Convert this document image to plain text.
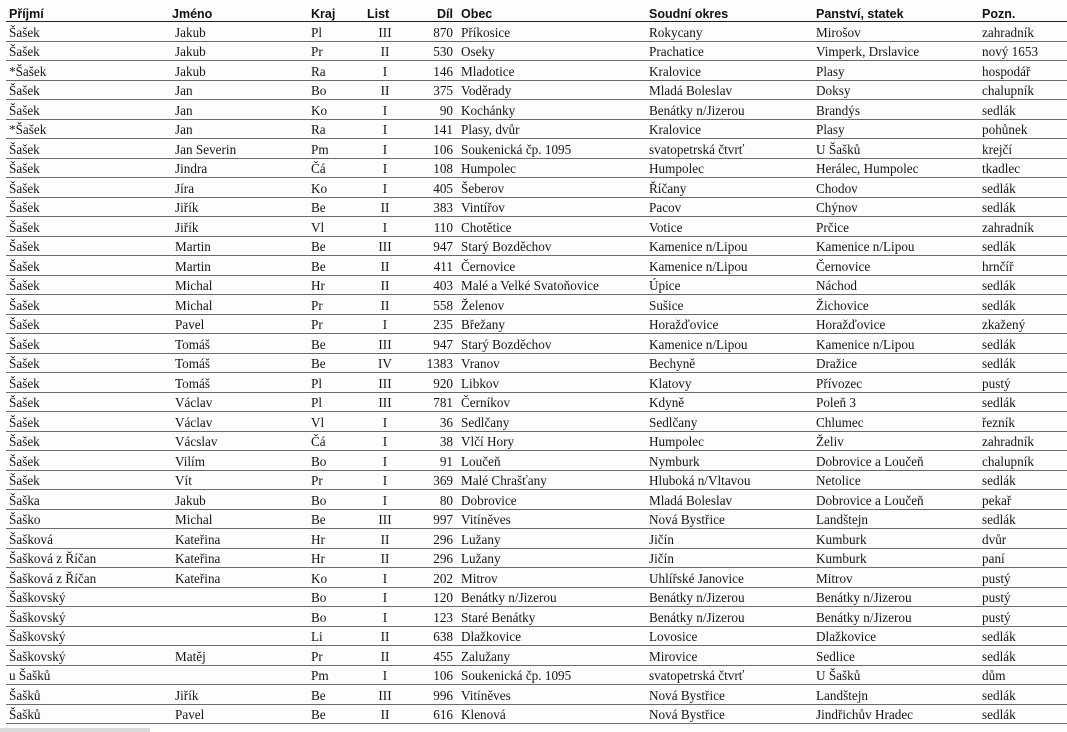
Příjmí	Jméno	Kraj	List	Díl	Obec	Soudní okres	Panství, statek	Pozn.
Šašek	Jakub	Pl	III	870	Příkosice	Rokycany	Mirošov	zahradník
Šašek	Jakub	Pr	II	530	Oseky	Prachatice	Vimperk, Drslavice	nový 1653
*Šašek	Jakub	Ra	I	146	Mladotice	Kralovice	Plasy	hospodář
Šašek	Jan	Bo	II	375	Voděrady	Mladá Boleslav	Doksy	chalupník
Šašek	Jan	Ko	I	90	Kochánky	Benátky n/Jizerou	Brandýs	sedlák
*Šašek	Jan	Ra	I	141	Plasy, dvůr	Kralovice	Plasy	pohůnek
Šašek	Jan Severin	Pm	I	106	Soukenická čp. 1095	svatopetrská čtvrť	U Šašků	krejčí
Šašek	Jindra	Čá	I	108	Humpolec	Humpolec	Herálec, Humpolec	tkadlec
Šašek	Jíra	Ko	I	405	Šeberov	Říčany	Chodov	sedlák
Šašek	Jiřík	Be	II	383	Vintířov	Pacov	Chýnov	sedlák
Šašek	Jiřík	Vl	I	110	Chotětice	Votice	Prčice	zahradník
Šašek	Martin	Be	III	947	Starý Bozděchov	Kamenice n/Lipou	Kamenice n/Lipou	sedlák
Šašek	Martin	Be	II	411	Černovice	Kamenice n/Lipou	Černovice	hrnčíř
Šašek	Michal	Hr	II	403	Malé a Velké Svatoňovice	Úpice	Náchod	sedlák
Šašek	Michal	Pr	II	558	Želenov	Sušice	Žichovice	sedlák
Šašek	Pavel	Pr	I	235	Břežany	Horažďovice	Horažďovice	zkažený
Šašek	Tomáš	Be	III	947	Starý Bozděchov	Kamenice n/Lipou	Kamenice n/Lipou	sedlák
Šašek	Tomáš	Be	IV	1383	Vranov	Bechyně	Dražice	sedlák
Šašek	Tomáš	Pl	III	920	Libkov	Klatovy	Přívozec	pustý
Šašek	Václav	Pl	III	781	Černíkov	Kdyně	Poleň 3	sedlák
Šašek	Václav	Vl	I	36	Sedlčany	Sedlčany	Chlumec	řezník
Šašek	Vácslav	Čá	I	38	Vlčí Hory	Humpolec	Želiv	zahradník
Šašek	Vilím	Bo	I	91	Loučeň	Nymburk	Dobrovice a Loučeň	chalupník
Šašek	Vít	Pr	I	369	Malé Chrašťany	Hluboká n/Vltavou	Netolice	sedlák
Šaška	Jakub	Bo	I	80	Dobrovice	Mladá Boleslav	Dobrovice a Loučeň	pekař
Šaško	Michal	Be	III	997	Vitíněves	Nová Bystřice	Landštejn	sedlák
Šašková	Kateřina	Hr	II	296	Lužany	Jičín	Kumburk	dvůr
Šašková z Říčan	Kateřina	Hr	II	296	Lužany	Jičín	Kumburk	paní
Šašková z Říčan	Kateřina	Ko	I	202	Mitrov	Uhlířské Janovice	Mitrov	pustý
Šaškovský		Bo	I	120	Benátky n/Jizerou	Benátky n/Jizerou	Benátky n/Jizerou	pustý
Šaškovský		Bo	I	123	Staré Benátky	Benátky n/Jizerou	Benátky n/Jizerou	pustý
Šaškovský		Li	II	638	Dlažkovice	Lovosice	Dlažkovice	sedlák
Šaškovský	Matěj	Pr	II	455	Zalužany	Mirovice	Sedlice	sedlák
u Šašků		Pm	I	106	Soukenická čp. 1095	svatopetrská čtvrť	U Šašků	dům
Šašků	Jiřík	Be	III	996	Vitíněves	Nová Bystřice	Landštejn	sedlák
Šašků	Pavel	Be	II	616	Klenová	Nová Bystřice	Jindřichův Hradec	sedlák
